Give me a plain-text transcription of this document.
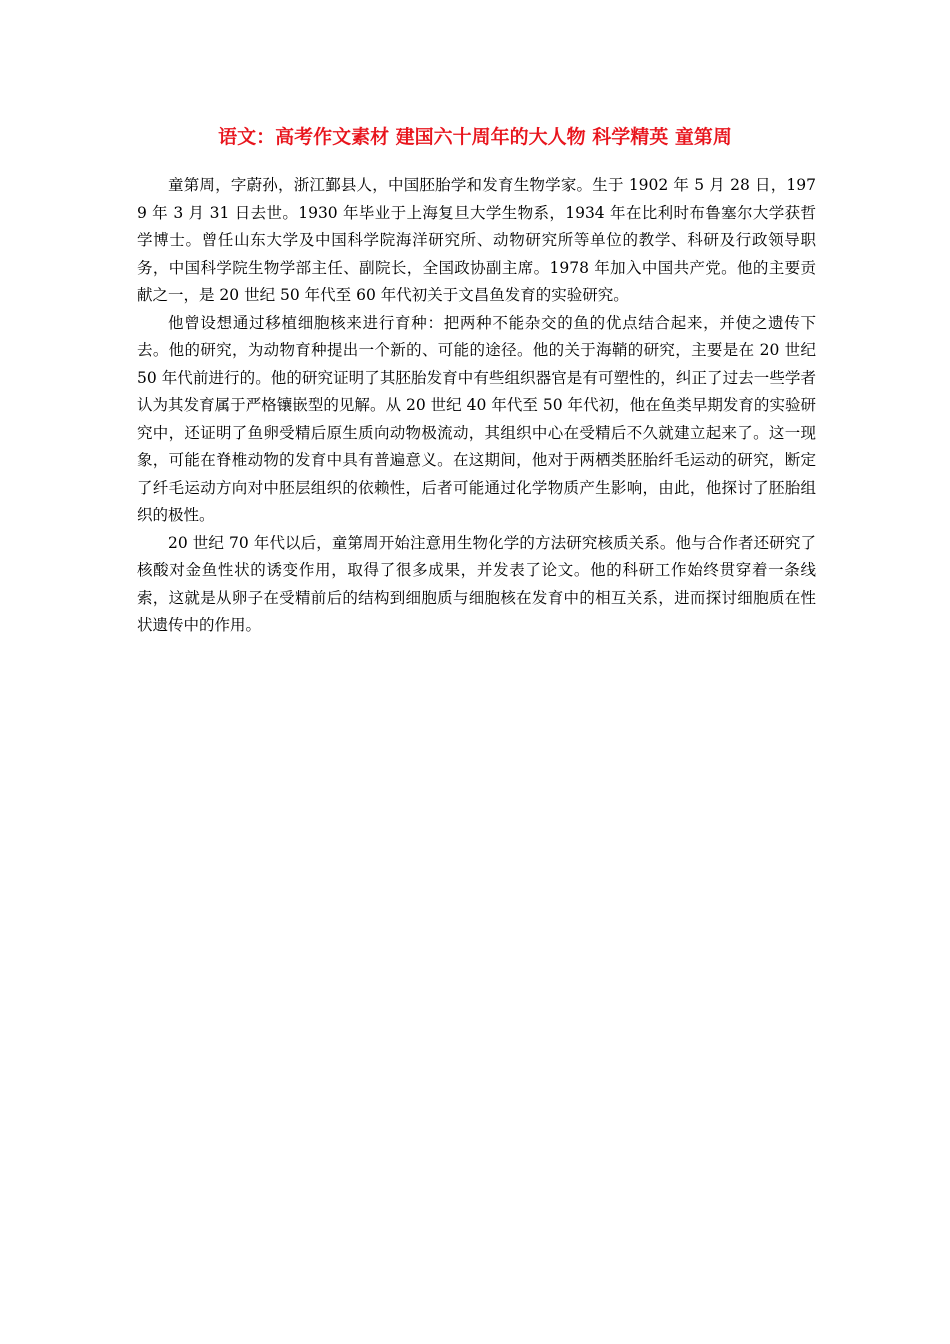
语文：高考作文素材 建国六十周年的大人物 科学精英 童第周

童第周，字蔚孙，浙江鄞县人，中国胚胎学和发育生物学家。生于 1902 年 5 月 28 日，1979 年 3 月 31 日去世。1930 年毕业于上海复旦大学生物系，1934 年在比利时布鲁塞尔大学获哲学博士。曾任山东大学及中国科学院海洋研究所、动物研究所等单位的教学、科研及行政领导职务，中国科学院生物学部主任、副院长，全国政协副主席。1978 年加入中国共产党。他的主要贡献之一，是 20 世纪 50 年代至 60 年代初关于文昌鱼发育的实验研究。

他曾设想通过移植细胞核来进行育种：把两种不能杂交的鱼的优点结合起来，并使之遗传下去。他的研究，为动物育种提出一个新的、可能的途径。他的关于海鞘的研究，主要是在 20 世纪 50 年代前进行的。他的研究证明了其胚胎发育中有些组织器官是有可塑性的，纠正了过去一些学者认为其发育属于严格镶嵌型的见解。从 20 世纪 40 年代至 50 年代初，他在鱼类早期发育的实验研究中，还证明了鱼卵受精后原生质向动物极流动，其组织中心在受精后不久就建立起来了。这一现象，可能在脊椎动物的发育中具有普遍意义。在这期间，他对于两栖类胚胎纤毛运动的研究，断定了纤毛运动方向对中胚层组织的依赖性，后者可能通过化学物质产生影响，由此，他探讨了胚胎组织的极性。

20 世纪 70 年代以后，童第周开始注意用生物化学的方法研究核质关系。他与合作者还研究了核酸对金鱼性状的诱变作用，取得了很多成果，并发表了论文。他的科研工作始终贯穿着一条线索，这就是从卵子在受精前后的结构到细胞质与细胞核在发育中的相互关系，进而探讨细胞质在性状遗传中的作用。
